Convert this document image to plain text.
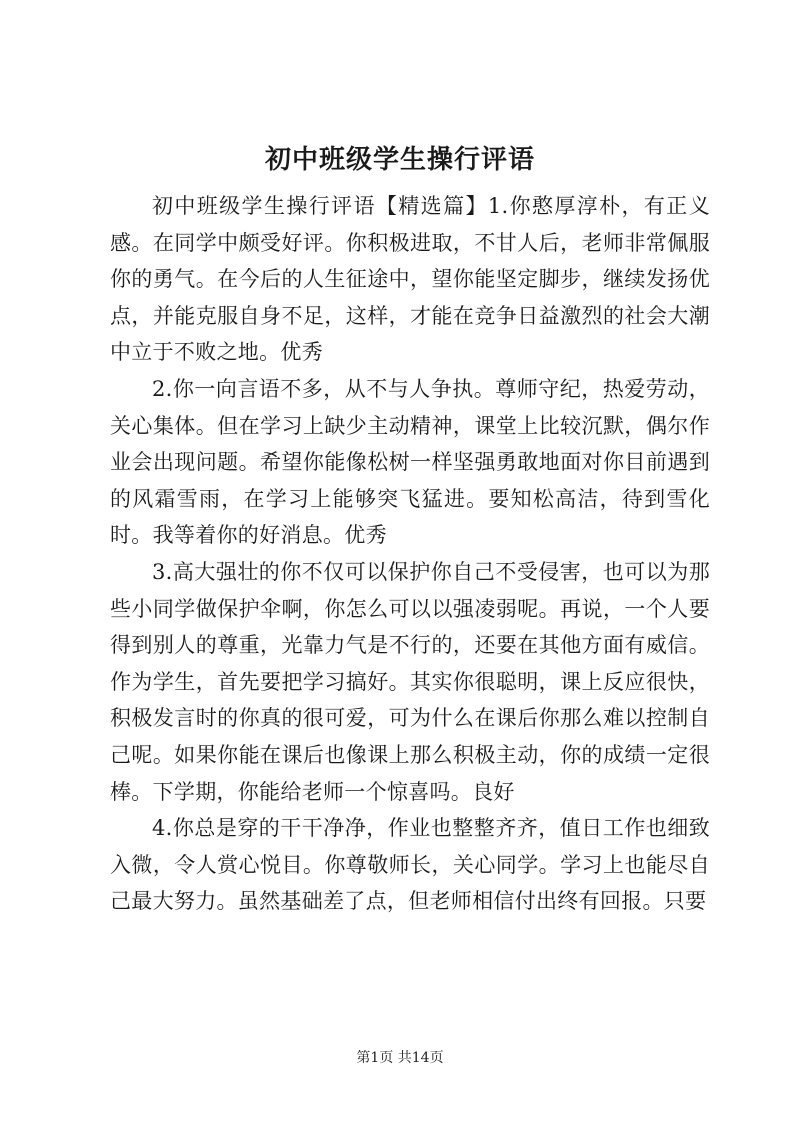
初中班级学生操行评语

初中班级学生操行评语【精选篇】1.你憨厚淳朴，有正义感。在同学中颇受好评。你积极进取，不甘人后，老师非常佩服你的勇气。在今后的人生征途中，望你能坚定脚步，继续发扬优点，并能克服自身不足，这样，才能在竞争日益激烈的社会大潮中立于不败之地。优秀

2.你一向言语不多，从不与人争执。尊师守纪，热爱劳动，关心集体。但在学习上缺少主动精神，课堂上比较沉默，偶尔作业会出现问题。希望你能像松树一样坚强勇敢地面对你目前遇到的风霜雪雨，在学习上能够突飞猛进。要知松高洁，待到雪化时。我等着你的好消息。优秀

3.高大强壮的你不仅可以保护你自己不受侵害，也可以为那些小同学做保护伞啊，你怎么可以以强凌弱呢。再说，一个人要得到别人的尊重，光靠力气是不行的，还要在其他方面有威信。作为学生，首先要把学习搞好。其实你很聪明，课上反应很快，积极发言时的你真的很可爱，可为什么在课后你那么难以控制自己呢。如果你能在课后也像课上那么积极主动，你的成绩一定很棒。下学期，你能给老师一个惊喜吗。良好

4.你总是穿的干干净净，作业也整整齐齐，值日工作也细致入微，令人赏心悦目。你尊敬师长，关心同学。学习上也能尽自己最大努力。虽然基础差了点，但老师相信付出终有回报。只要

第1页 共14页
